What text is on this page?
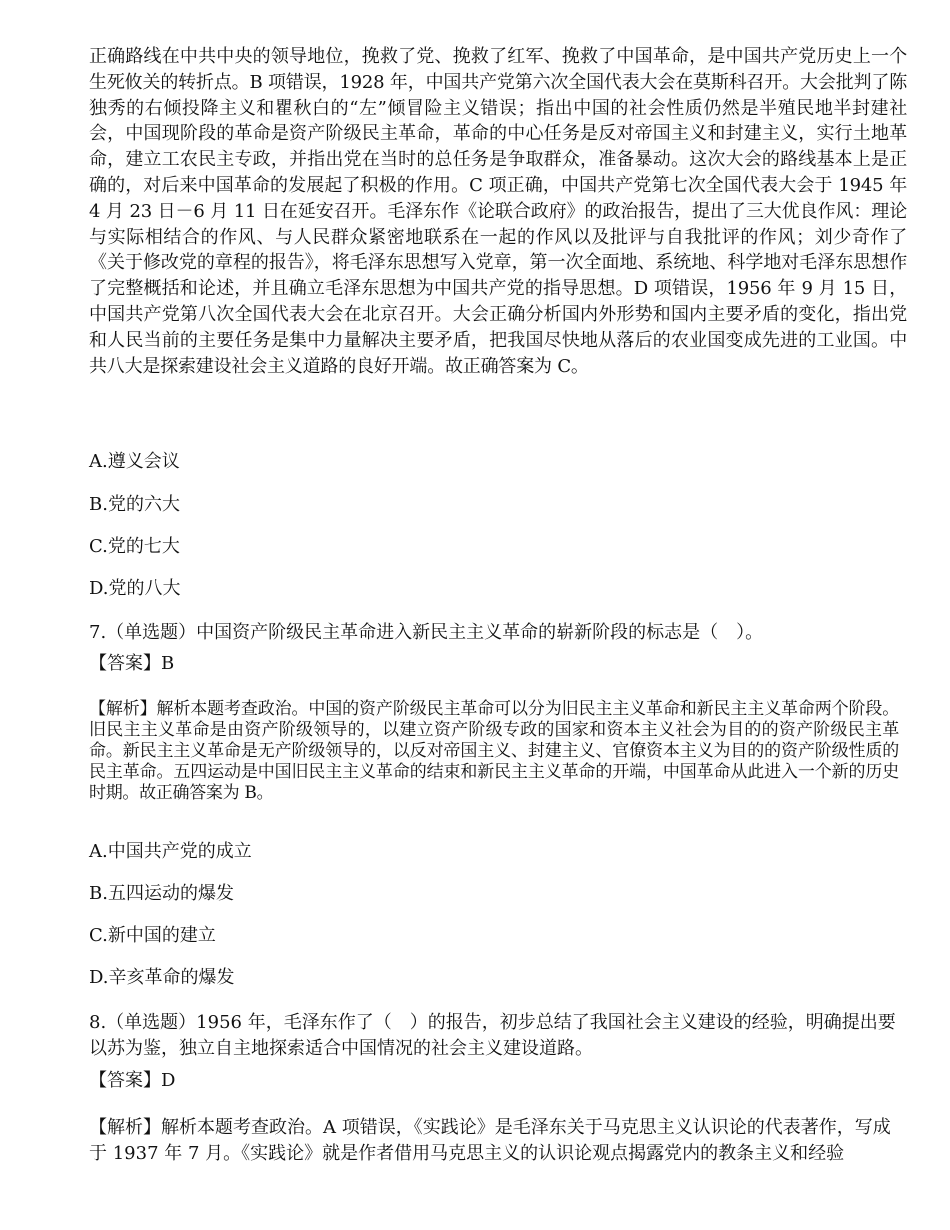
正确路线在中共中央的领导地位，挽救了党、挽救了红军、挽救了中国革命，是中国共产党历史上一个生死攸关的转折点。B 项错误，1928 年，中国共产党第六次全国代表大会在莫斯科召开。大会批判了陈独秀的右倾投降主义和瞿秋白的“左”倾冒险主义错误；指出中国的社会性质仍然是半殖民地半封建社会，中国现阶段的革命是资产阶级民主革命，革命的中心任务是反对帝国主义和封建主义，实行土地革命，建立工农民主专政，并指出党在当时的总任务是争取群众，准备暴动。这次大会的路线基本上是正确的，对后来中国革命的发展起了积极的作用。C 项正确，中国共产党第七次全国代表大会于 1945 年 4 月 23 日－6 月 11 日在延安召开。毛泽东作《论联合政府》的政治报告，提出了三大优良作风：理论与实际相结合的作风、与人民群众紧密地联系在一起的作风以及批评与自我批评的作风；刘少奇作了《关于修改党的章程的报告》，将毛泽东思想写入党章，第一次全面地、系统地、科学地对毛泽东思想作了完整概括和论述，并且确立毛泽东思想为中国共产党的指导思想。D 项错误，1956 年 9 月 15 日，中国共产党第八次全国代表大会在北京召开。大会正确分析国内外形势和国内主要矛盾的变化，指出党和人民当前的主要任务是集中力量解决主要矛盾，把我国尽快地从落后的农业国变成先进的工业国。中共八大是探索建设社会主义道路的良好开端。故正确答案为 C。

A.遵义会议

B.党的六大

C.党的七大

D.党的八大

7.（单选题）中国资产阶级民主革命进入新民主主义革命的崭新阶段的标志是（　）。

【答案】B

【解析】解析本题考查政治。中国的资产阶级民主革命可以分为旧民主主义革命和新民主主义革命两个阶段。旧民主主义革命是由资产阶级领导的，以建立资产阶级专政的国家和资本主义社会为目的的资产阶级民主革命。新民主主义革命是无产阶级领导的，以反对帝国主义、封建主义、官僚资本主义为目的的资产阶级性质的民主革命。五四运动是中国旧民主主义革命的结束和新民主主义革命的开端，中国革命从此进入一个新的历史时期。故正确答案为 B。

A.中国共产党的成立

B.五四运动的爆发

C.新中国的建立

D.辛亥革命的爆发

8.（单选题）1956 年，毛泽东作了（　）的报告，初步总结了我国社会主义建设的经验，明确提出要以苏为鉴，独立自主地探索适合中国情况的社会主义建设道路。

【答案】D

【解析】解析本题考查政治。A 项错误，《实践论》是毛泽东关于马克思主义认识论的代表著作，写成于 1937 年 7 月。《实践论》就是作者借用马克思主义的认识论观点揭露党内的教条主义和经验
